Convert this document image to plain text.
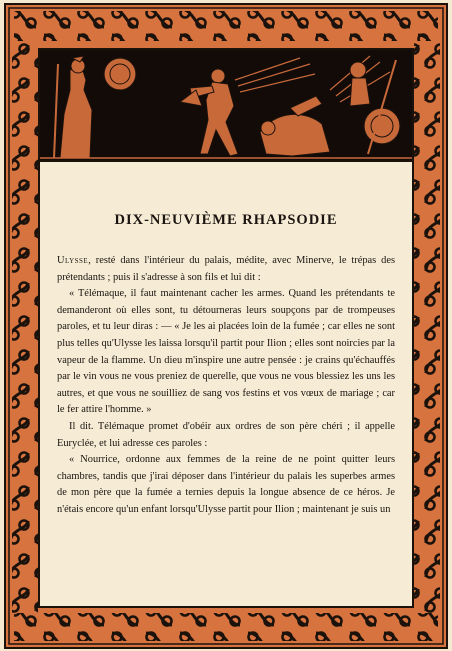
DIX-NEUVIÈME RHAPSODIE

Ulysse, resté dans l'intérieur du palais, médite, avec Minerve, le trépas des prétendants ; puis il s'adresse à son fils et lui dit :

« Télémaque, il faut maintenant cacher les armes. Quand les prétendants te demanderont où elles sont, tu détourneras leurs soupçons par de trompeuses paroles, et tu leur diras : — « Je les ai placées loin de la fumée ; car elles ne sont plus telles qu'Ulysse les laissa lorsqu'il partit pour Ilion ; elles sont noircies par la vapeur de la flamme. Un dieu m'inspire une autre pensée : je crains qu'échauffés par le vin vous ne vous preniez de querelle, que vous ne vous blessiez les uns les autres, et que vous ne souilliez de sang vos festins et vos vœux de mariage ; car le fer attire l'homme. »

Il dit. Télémaque promet d'obéir aux ordres de son père chéri ; il appelle Euryclée, et lui adresse ces paroles :

« Nourrice, ordonne aux femmes de la reine de ne point quitter leurs chambres, tandis que j'irai déposer dans l'intérieur du palais les superbes armes de mon père que la fumée a ternies depuis la longue absence de ce héros. Je n'étais encore qu'un enfant lorsqu'Ulysse partit pour Ilion ; maintenant je suis un
